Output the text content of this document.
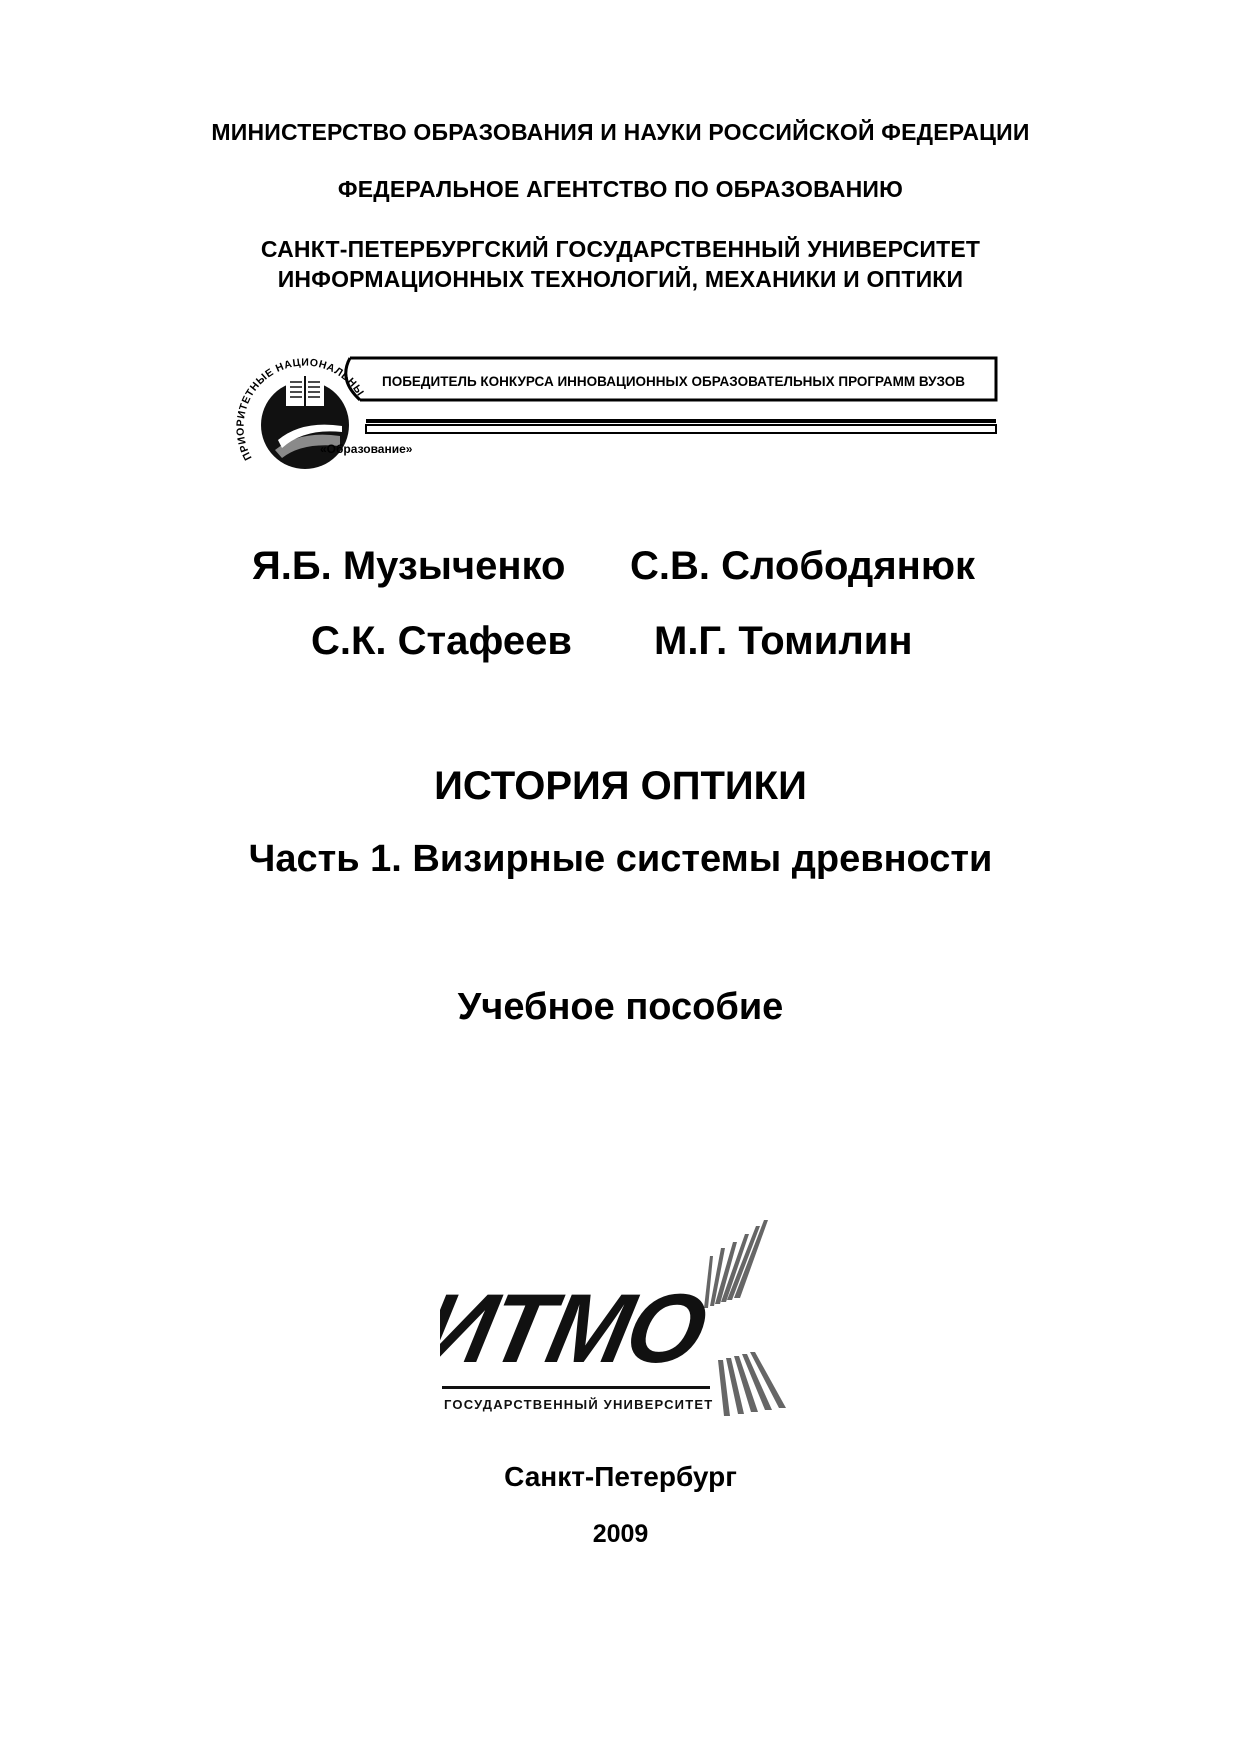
МИНИСТЕРСТВО ОБРАЗОВАНИЯ И НАУКИ РОССИЙСКОЙ ФЕДЕРАЦИИ
ФЕДЕРАЛЬНОЕ АГЕНТСТВО ПО ОБРАЗОВАНИЮ
САНКТ-ПЕТЕРБУРГСКИЙ ГОСУДАРСТВЕННЫЙ УНИВЕРСИТЕТ
ИНФОРМАЦИОННЫХ ТЕХНОЛОГИЙ, МЕХАНИКИ И ОПТИКИ
ПРИОРИТЕТНЫЕ НАЦИОНАЛЬНЫ
«Образование»
ПОБЕДИТЕЛЬ КОНКУРСА ИННОВАЦИОННЫХ ОБРАЗОВАТЕЛЬНЫХ ПРОГРАММ ВУЗОВ
Я.Б. Музыченко С.В. Слободянюк
С.К. Стафеев М.Г. Томилин
ИСТОРИЯ ОПТИКИ
Часть 1. Визирные системы древности
Учебное пособие
ИТМО
ГОСУДАРСТВЕННЫЙ УНИВЕРСИТЕТ
Санкт-Петербург
2009
